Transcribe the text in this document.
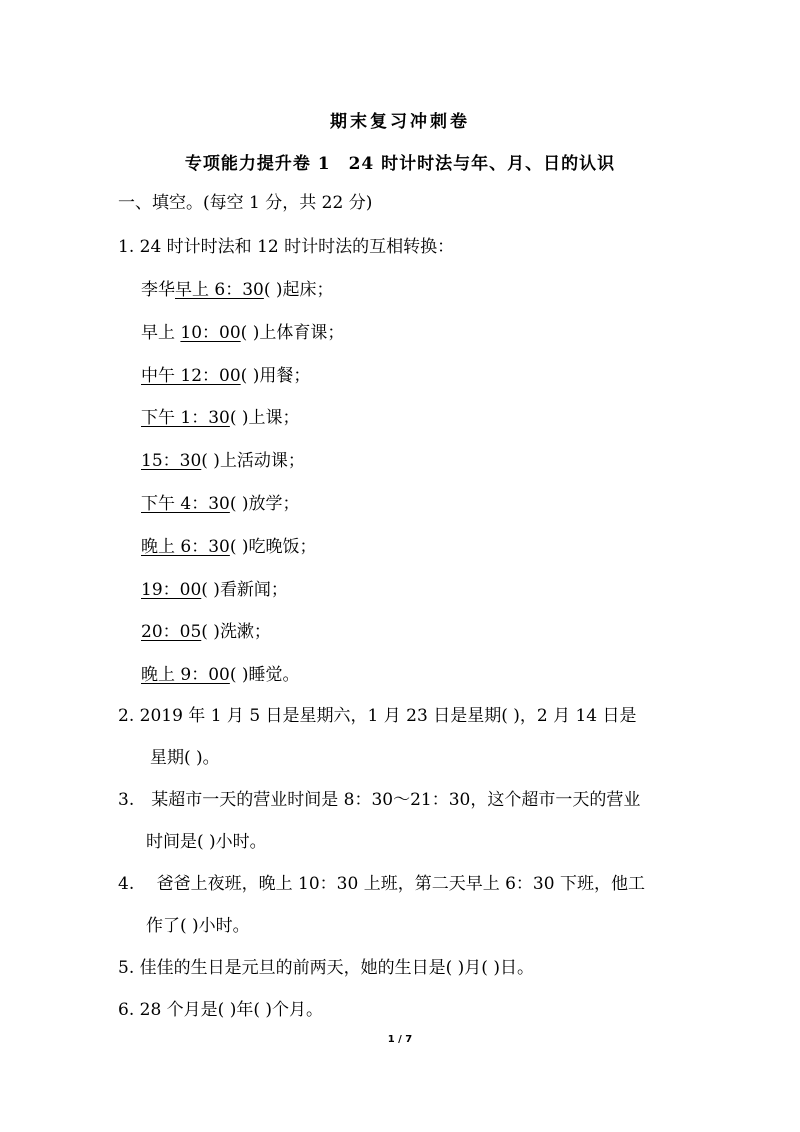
期末复习冲刺卷
专项能力提升卷 1　24 时计时法与年、月、日的认识
一、填空。(每空 1 分，共 22 分)
1. 24 时计时法和 12 时计时法的互相转换：
李华早上 6：30( )起床；
早上 10：00( )上体育课；
中午 12：00( )用餐；
下午 1：30( )上课；
15：30( )上活动课；
下午 4：30( )放学；
晚上 6：30( )吃晚饭；
19：00( )看新闻；
20：05( )洗漱；
晚上 9：00( )睡觉。
2. 2019 年 1 月 5 日是星期六，1 月 23 日是星期( )，2 月 14 日是
星期( )。
3.　某超市一天的营业时间是 8：30～21：30，这个超市一天的营业
时间是( )小时。
4.　 爸爸上夜班，晚上 10：30 上班，第二天早上 6：30 下班，他工
作了( )小时。
5. 佳佳的生日是元旦的前两天，她的生日是( )月( )日。
6. 28 个月是( )年( )个月。
1 / 7
